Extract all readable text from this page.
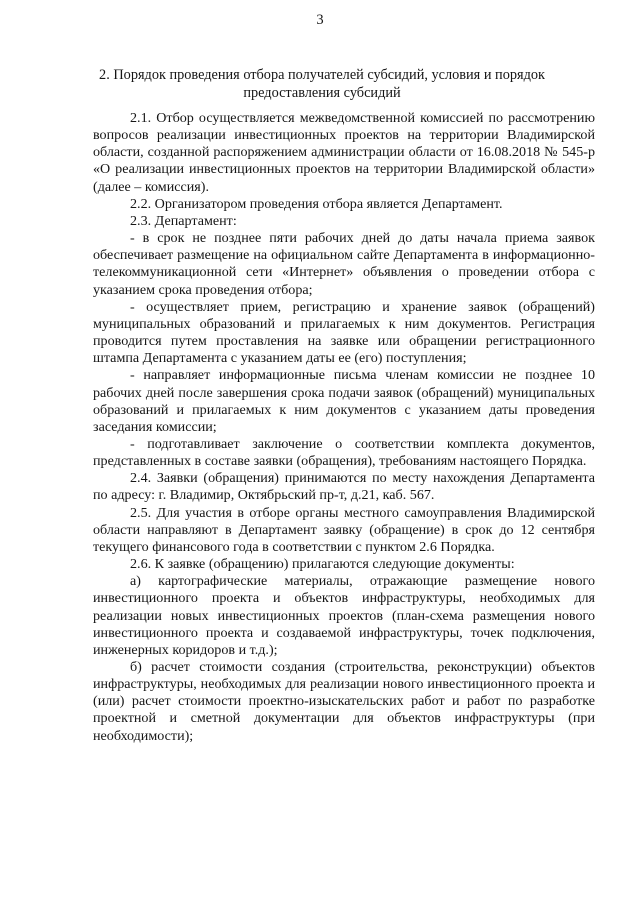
3
2. Порядок проведения отбора получателей субсидий, условия и порядок предоставления субсидий

2.1. Отбор осуществляется межведомственной комиссией по рассмотрению вопросов реализации инвестиционных проектов на территории Владимирской области, созданной распоряжением администрации области от 16.08.2018 № 545-р «О реализации инвестиционных проектов на территории Владимирской области» (далее – комиссия).

2.2. Организатором проведения отбора является Департамент.

2.3. Департамент:

- в срок не позднее пяти рабочих дней до даты начала приема заявок обеспечивает размещение на официальном сайте Департамента в информационно-телекоммуникационной сети «Интернет» объявления о проведении отбора с указанием срока проведения отбора;

- осуществляет прием, регистрацию и хранение заявок (обращений) муниципальных образований и прилагаемых к ним документов. Регистрация проводится путем проставления на заявке или обращении регистрационного штампа Департамента с указанием даты ее (его) поступления;

- направляет информационные письма членам комиссии не позднее 10 рабочих дней после завершения срока подачи заявок (обращений) муниципальных образований и прилагаемых к ним документов с указанием даты проведения заседания комиссии;

- подготавливает заключение о соответствии комплекта документов, представленных в составе заявки (обращения), требованиям настоящего Порядка.

2.4. Заявки (обращения) принимаются по месту нахождения Департамента по адресу: г. Владимир, Октябрьский пр-т, д.21, каб. 567.

2.5. Для участия в отборе органы местного самоуправления Владимирской области направляют в Департамент заявку (обращение) в срок до 12 сентября текущего финансового года в соответствии с пунктом 2.6 Порядка.

2.6. К заявке (обращению) прилагаются следующие документы:

а) картографические материалы, отражающие размещение нового инвестиционного проекта и объектов инфраструктуры, необходимых для реализации новых инвестиционных проектов (план-схема размещения нового инвестиционного проекта и создаваемой инфраструктуры, точек подключения, инженерных коридоров и т.д.);

б) расчет стоимости создания (строительства, реконструкции) объектов инфраструктуры, необходимых для реализации нового инвестиционного проекта и (или) расчет стоимости проектно-изыскательских работ и работ по разработке проектной и сметной документации для объектов инфраструктуры (при необходимости);
